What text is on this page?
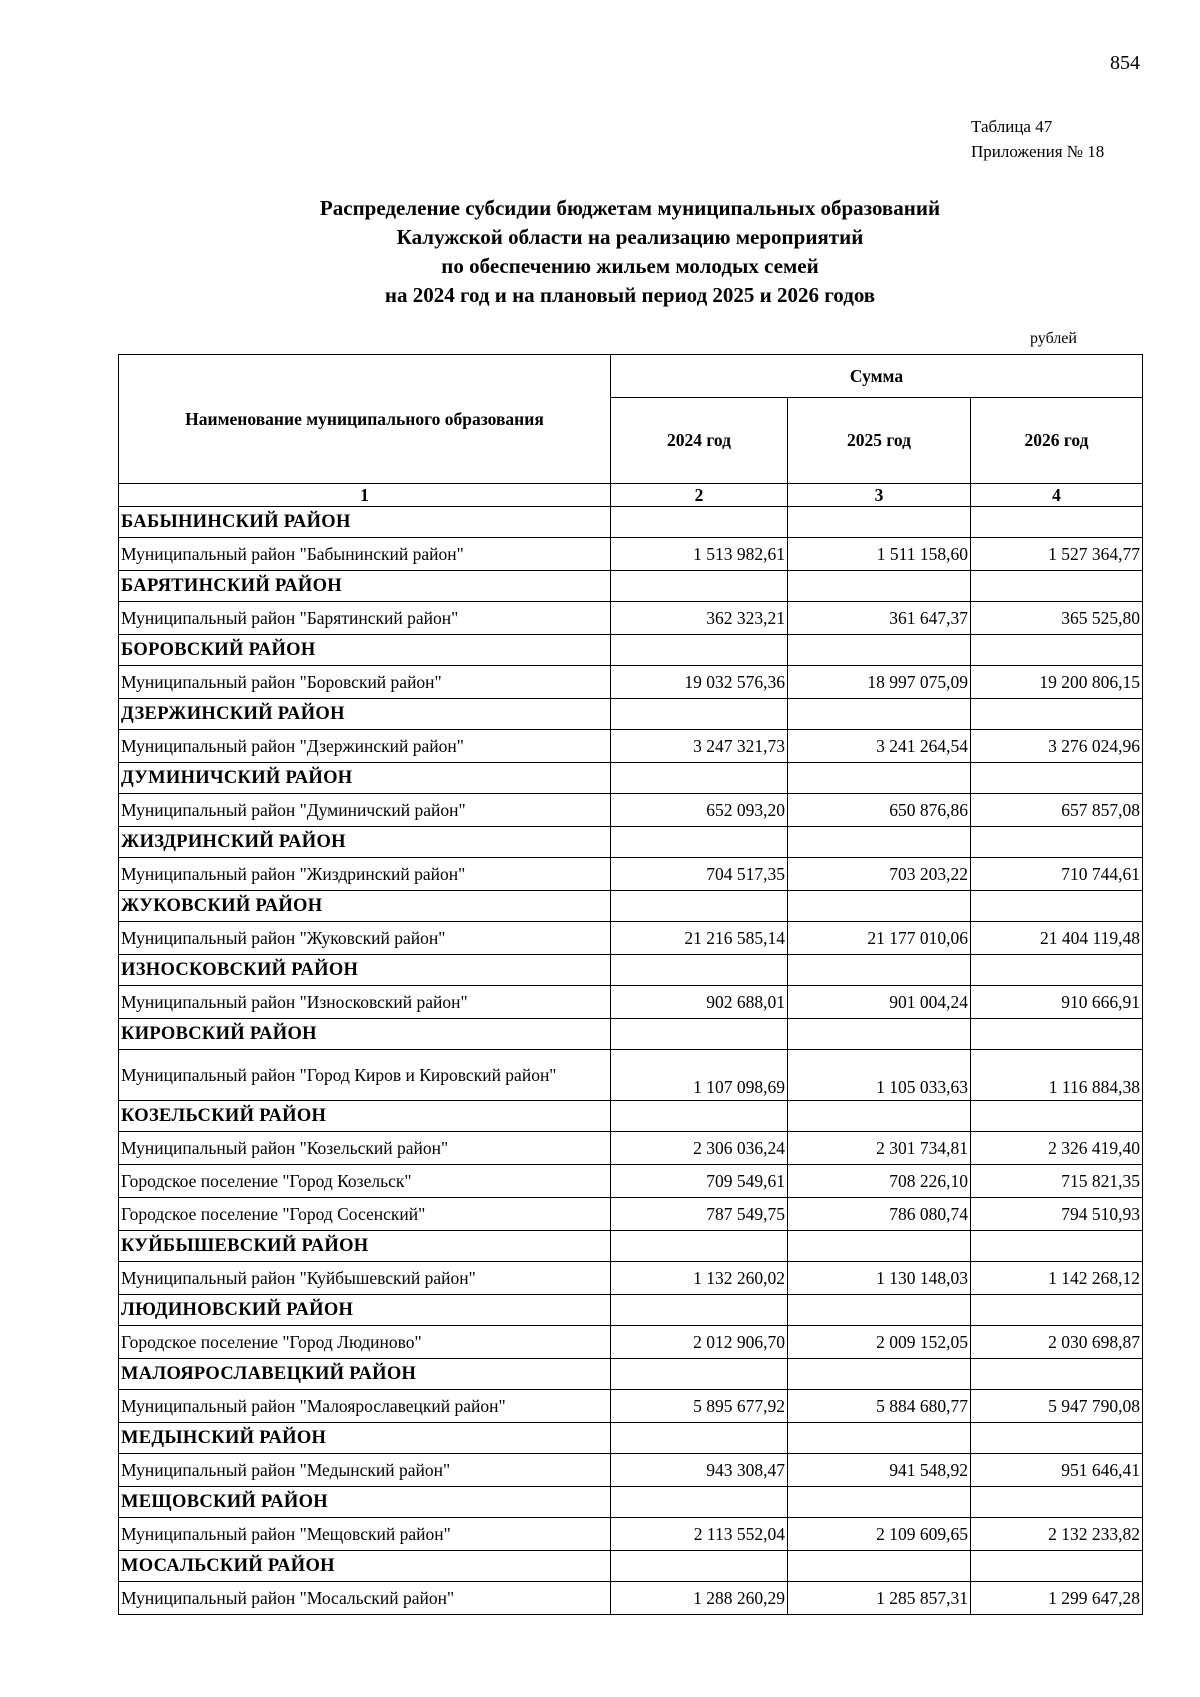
854
Таблица 47
Приложения № 18
Распределение субсидии бюджетам муниципальных образований
Калужской области на реализацию мероприятий
по обеспечению жильем молодых семей
на 2024 год и на плановый период 2025 и 2026 годов
рублей
Наименование муниципального образования	Сумма		
	2024 год	2025 год	2026 год
1	2	3	4
БАБЫНИНСКИЙ РАЙОН			
Муниципальный район "Бабынинский район"	1 513 982,61	1 511 158,60	1 527 364,77
БАРЯТИНСКИЙ РАЙОН			
Муниципальный район "Барятинский район"	362 323,21	361 647,37	365 525,80
БОРОВСКИЙ РАЙОН			
Муниципальный район "Боровский район"	19 032 576,36	18 997 075,09	19 200 806,15
ДЗЕРЖИНСКИЙ РАЙОН			
Муниципальный район "Дзержинский район"	3 247 321,73	3 241 264,54	3 276 024,96
ДУМИНИЧСКИЙ РАЙОН			
Муниципальный район "Думиничский район"	652 093,20	650 876,86	657 857,08
ЖИЗДРИНСКИЙ РАЙОН			
Муниципальный район "Жиздринский район"	704 517,35	703 203,22	710 744,61
ЖУКОВСКИЙ РАЙОН			
Муниципальный район "Жуковский район"	21 216 585,14	21 177 010,06	21 404 119,48
ИЗНОСКОВСКИЙ РАЙОН			
Муниципальный район "Износковский район"	902 688,01	901 004,24	910 666,91
КИРОВСКИЙ РАЙОН			
Муниципальный район "Город Киров и Кировский район"	1 107 098,69	1 105 033,63	1 116 884,38
КОЗЕЛЬСКИЙ РАЙОН			
Муниципальный район "Козельский район"	2 306 036,24	2 301 734,81	2 326 419,40
Городское поселение "Город Козельск"	709 549,61	708 226,10	715 821,35
Городское поселение "Город Сосенский"	787 549,75	786 080,74	794 510,93
КУЙБЫШЕВСКИЙ РАЙОН			
Муниципальный район "Куйбышевский район"	1 132 260,02	1 130 148,03	1 142 268,12
ЛЮДИНОВСКИЙ РАЙОН			
Городское поселение "Город Людиново"	2 012 906,70	2 009 152,05	2 030 698,87
МАЛОЯРОСЛАВЕЦКИЙ РАЙОН			
Муниципальный район "Малоярославецкий район"	5 895 677,92	5 884 680,77	5 947 790,08
МЕДЫНСКИЙ РАЙОН			
Муниципальный район "Медынский район"	943 308,47	941 548,92	951 646,41
МЕЩОВСКИЙ РАЙОН			
Муниципальный район "Мещовский район"	2 113 552,04	2 109 609,65	2 132 233,82
МОСАЛЬСКИЙ РАЙОН			
Муниципальный район "Мосальский район"	1 288 260,29	1 285 857,31	1 299 647,28
